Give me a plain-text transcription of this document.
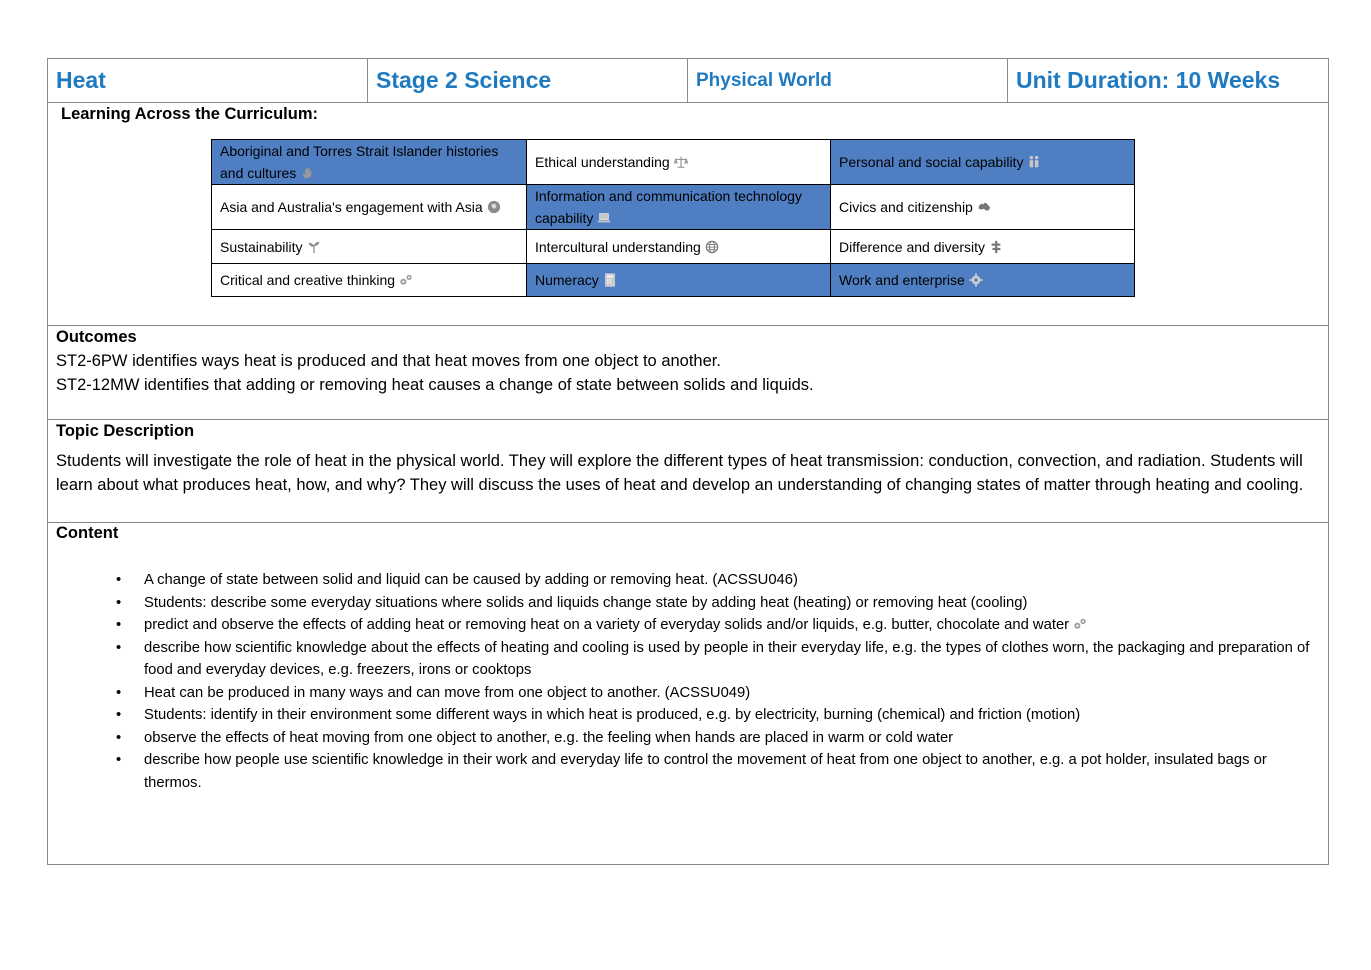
Heat	Stage 2 Science	Physical World	Unit Duration: 10 Weeks
Learning Across the Curriculum:
Aboriginal and Torres Strait Islander histories and cultures	Ethical understanding	Personal and social capability

Asia and Australia's engagement with Asia	Information and communication technology capability	Civics and citizenship

Sustainability	Intercultural understanding	Difference and diversity

Critical and creative thinking	Numeracy	Work and enterprise
Outcomes
ST2-6PW identifies ways heat is produced and that heat moves from one object to another.
ST2-12MW identifies that adding or removing heat causes a change of state between solids and liquids.
Topic Description
Students will investigate the role of heat in the physical world. They will explore the different types of heat transmission: conduction, convection, and radiation. Students will learn about what produces heat, how, and why? They will discuss the uses of heat and develop an understanding of changing states of matter through heating and cooling.
Content
• A change of state between solid and liquid can be caused by adding or removing heat. (ACSSU046)
• Students: describe some everyday situations where solids and liquids change state by adding heat (heating) or removing heat (cooling)
• predict and observe the effects of adding heat or removing heat on a variety of everyday solids and/or liquids, e.g. butter, chocolate and water
• describe how scientific knowledge about the effects of heating and cooling is used by people in their everyday life, e.g. the types of clothes worn, the packaging and preparation of food and everyday devices, e.g. freezers, irons or cooktops
• Heat can be produced in many ways and can move from one object to another. (ACSSU049)
• Students: identify in their environment some different ways in which heat is produced, e.g. by electricity, burning (chemical) and friction (motion)
• observe the effects of heat moving from one object to another, e.g. the feeling when hands are placed in warm or cold water
• describe how people use scientific knowledge in their work and everyday life to control the movement of heat from one object to another, e.g. a pot holder, insulated bags or thermos.
